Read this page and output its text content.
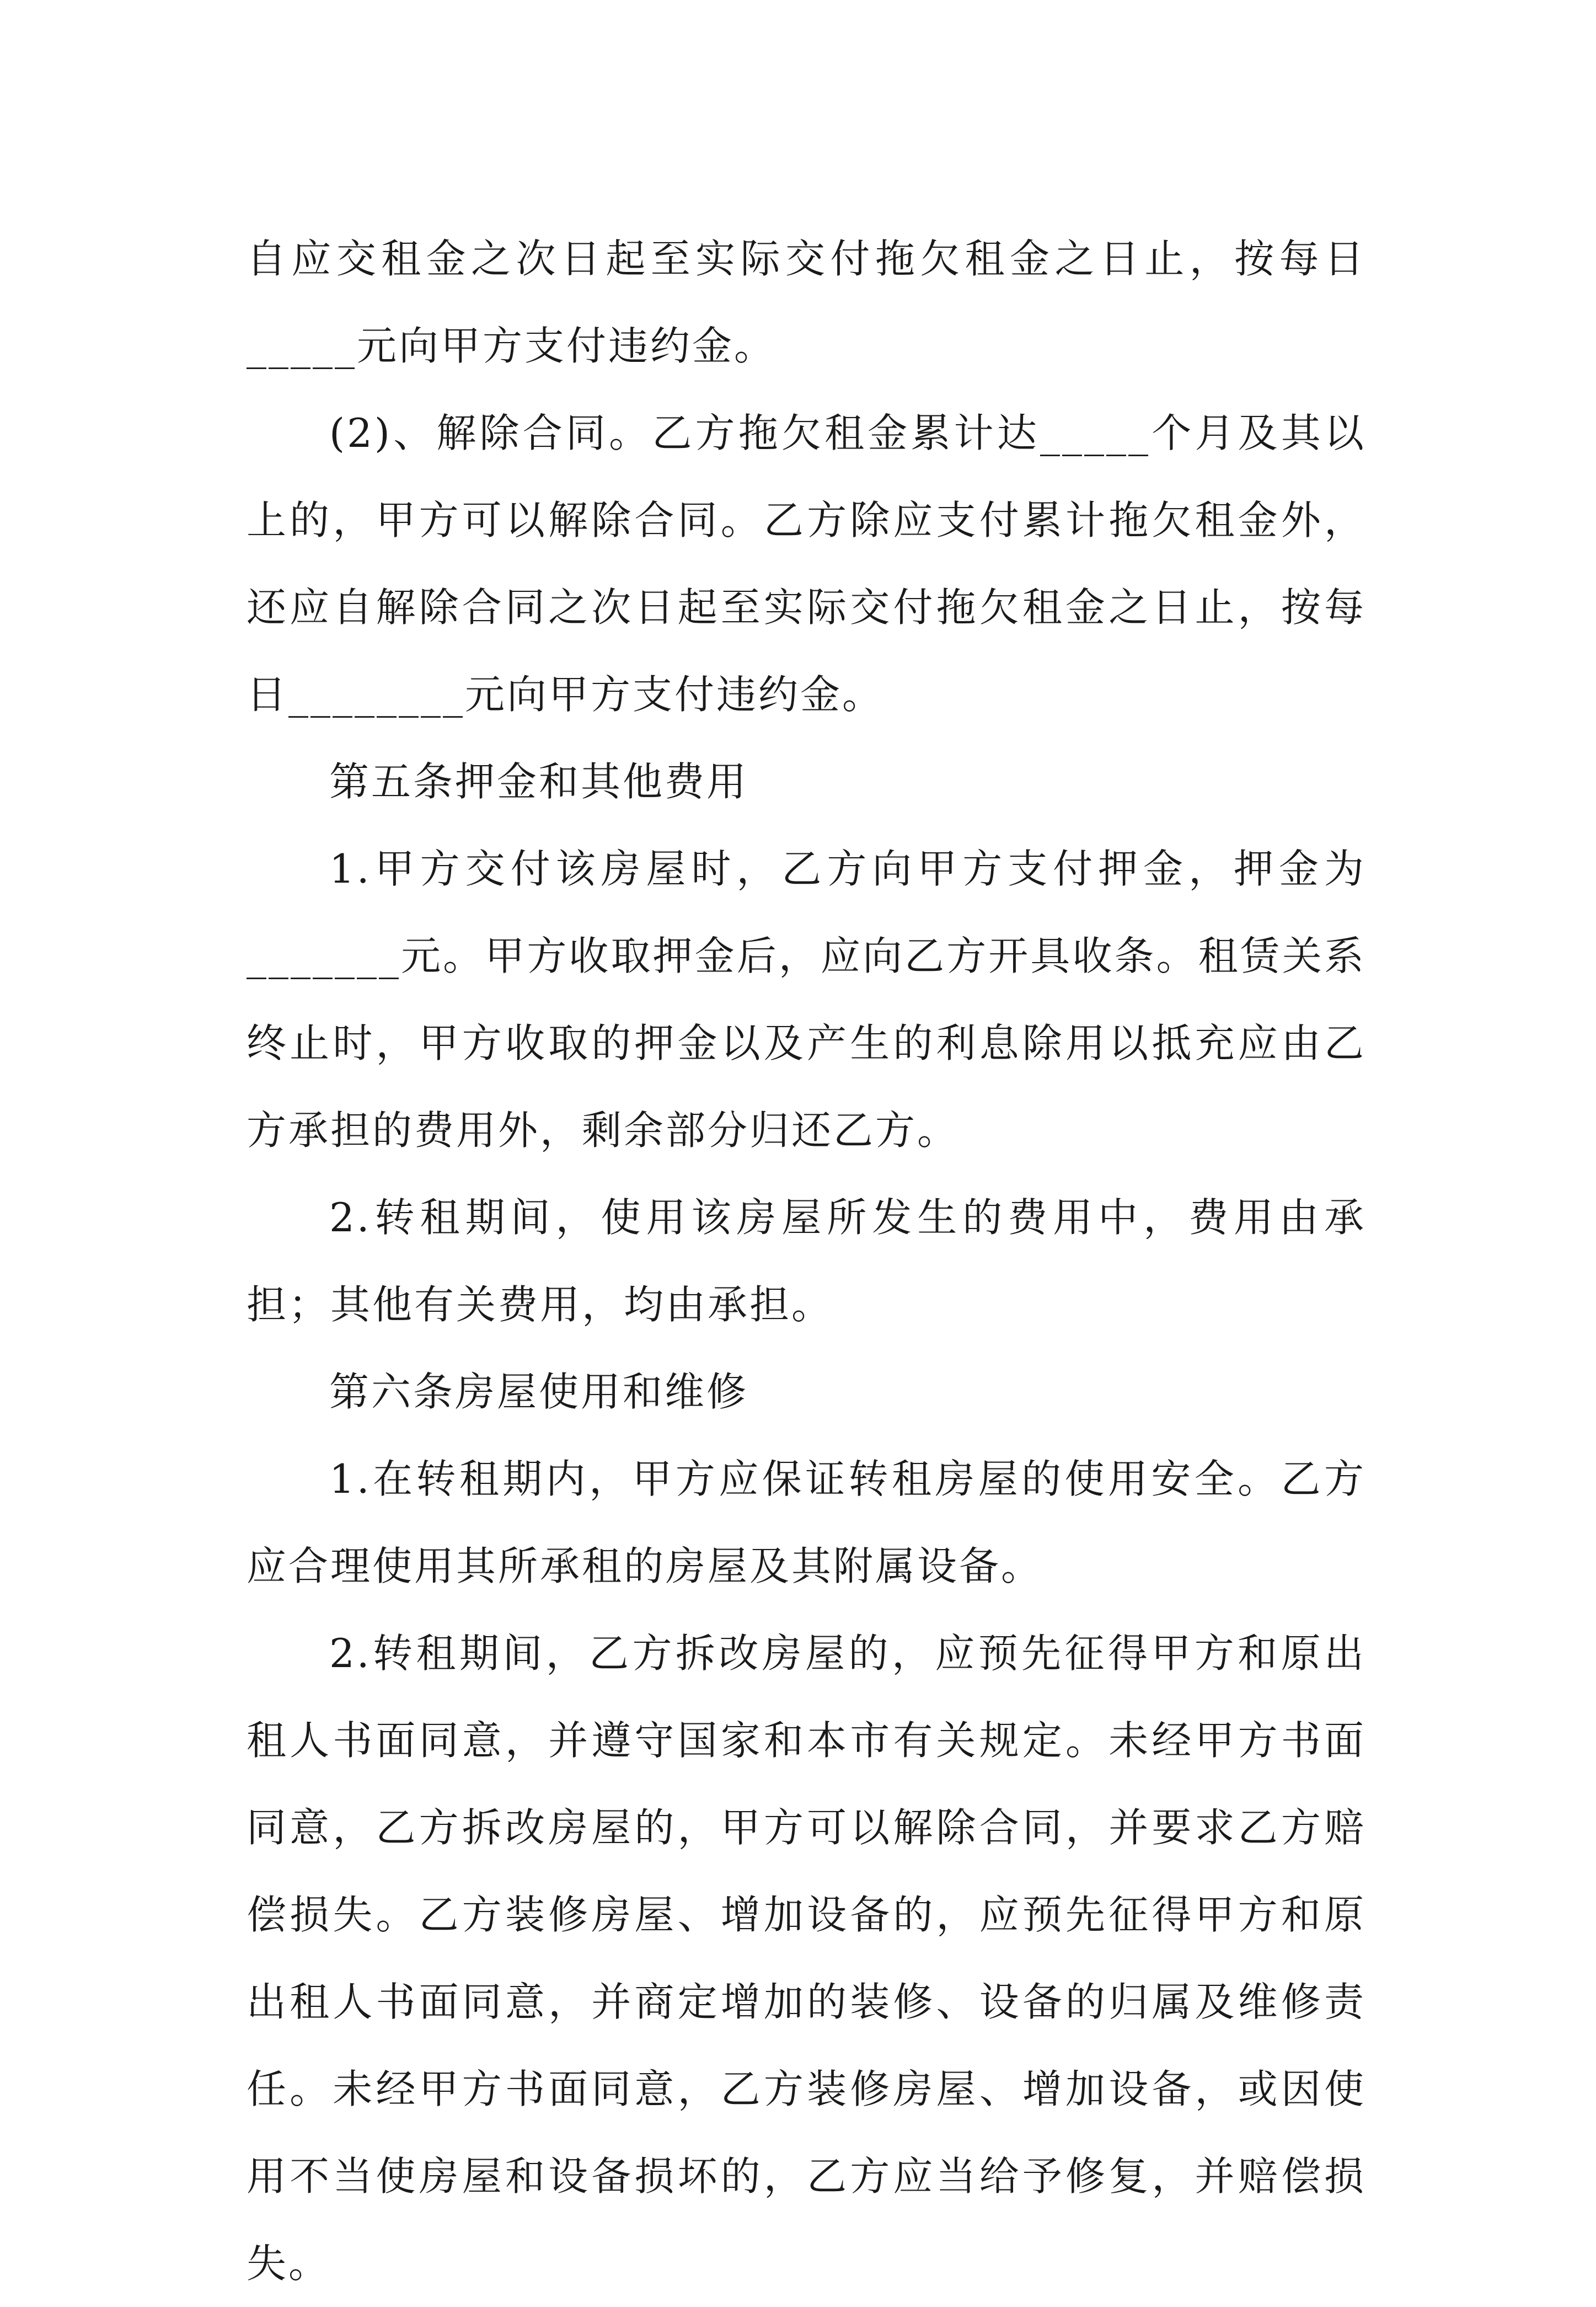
自应交租金之次日起至实际交付拖欠租金之日止，按每日_____元向甲方支付违约金。

(2)、解除合同。乙方拖欠租金累计达_____个月及其以上的，甲方可以解除合同。乙方除应支付累计拖欠租金外，还应自解除合同之次日起至实际交付拖欠租金之日止，按每日________元向甲方支付违约金。

第五条押金和其他费用

1.甲方交付该房屋时，乙方向甲方支付押金，押金为_______元。甲方收取押金后，应向乙方开具收条。租赁关系终止时，甲方收取的押金以及产生的利息除用以抵充应由乙方承担的费用外，剩余部分归还乙方。

2.转租期间，使用该房屋所发生的费用中，费用由承担；其他有关费用，均由承担。

第六条房屋使用和维修

1.在转租期内，甲方应保证转租房屋的使用安全。乙方应合理使用其所承租的房屋及其附属设备。

2.转租期间，乙方拆改房屋的，应预先征得甲方和原出租人书面同意，并遵守国家和本市有关规定。未经甲方书面同意，乙方拆改房屋的，甲方可以解除合同，并要求乙方赔偿损失。乙方装修房屋、增加设备的，应预先征得甲方和原出租人书面同意，并商定增加的装修、设备的归属及维修责任。未经甲方书面同意，乙方装修房屋、增加设备，或因使用不当使房屋和设备损坏的，乙方应当给予修复，并赔偿损失。
